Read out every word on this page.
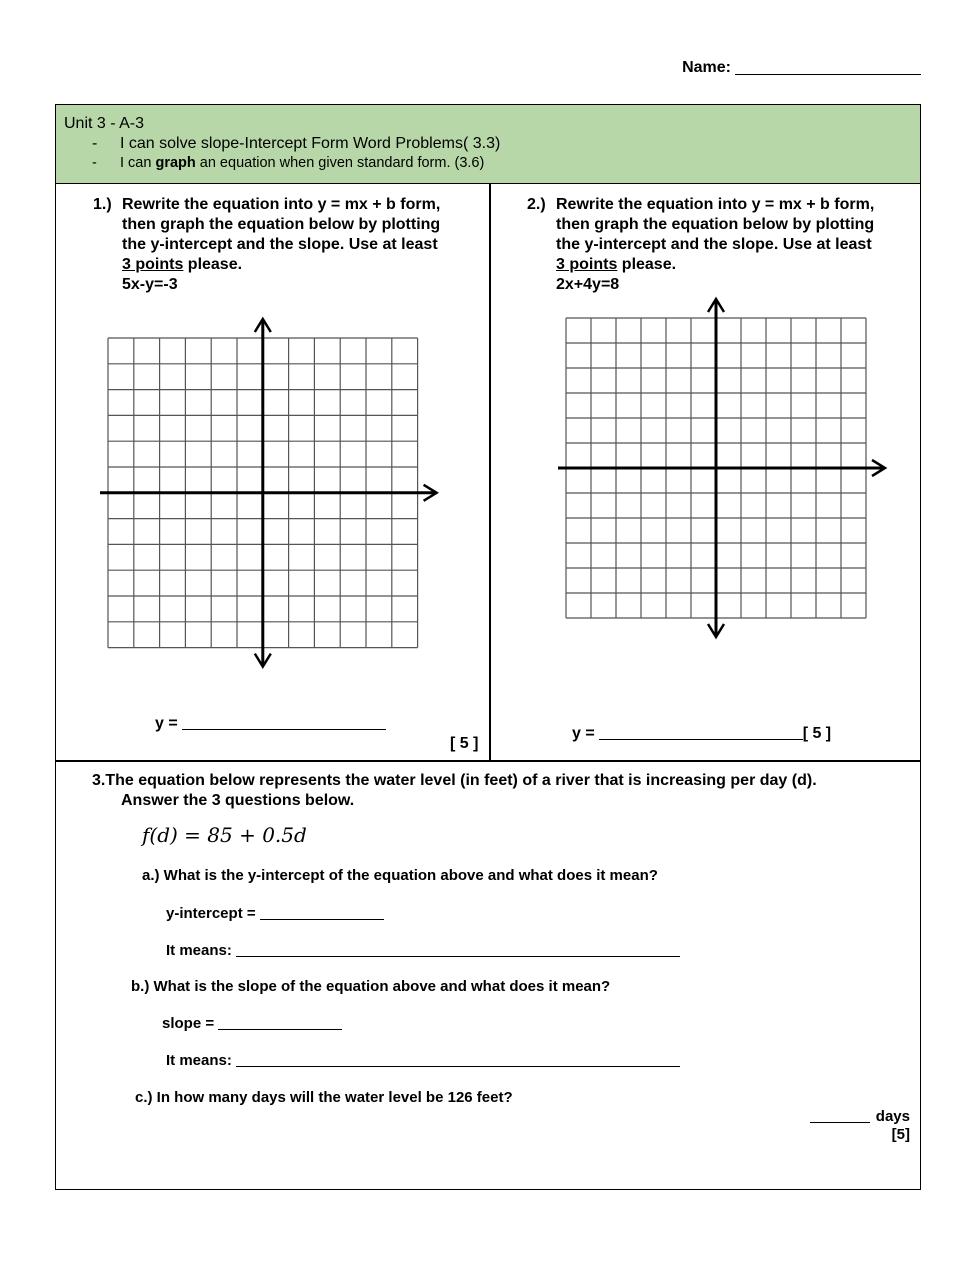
Name:
Unit 3 - A-3
- I can solve slope-Intercept Form Word Problems( 3.3)
- I can graph an equation when given standard form. (3.6)
1.) Rewrite the equation into y = mx + b form,
then graph the equation below by plotting
the y-intercept and the slope. Use at least
3 points please.
5x-y=-3
y =
[ 5 ]
2.) Rewrite the equation into y = mx + b form,
then graph the equation below by plotting
the y-intercept and the slope. Use at least
3 points please.
2x+4y=8
y =	[ 5 ]
3.The equation below represents the water level (in feet) of a river that is increasing per day (d).
Answer the 3 questions below.
f(d) = 85 + 0.5d
a.) What is the y-intercept of the equation above and what does it mean?
y-intercept =
It means:
b.) What is the slope of the equation above and what does it mean?
slope =
It means:
c.) In how many days will the water level be 126 feet?
days
[5]
